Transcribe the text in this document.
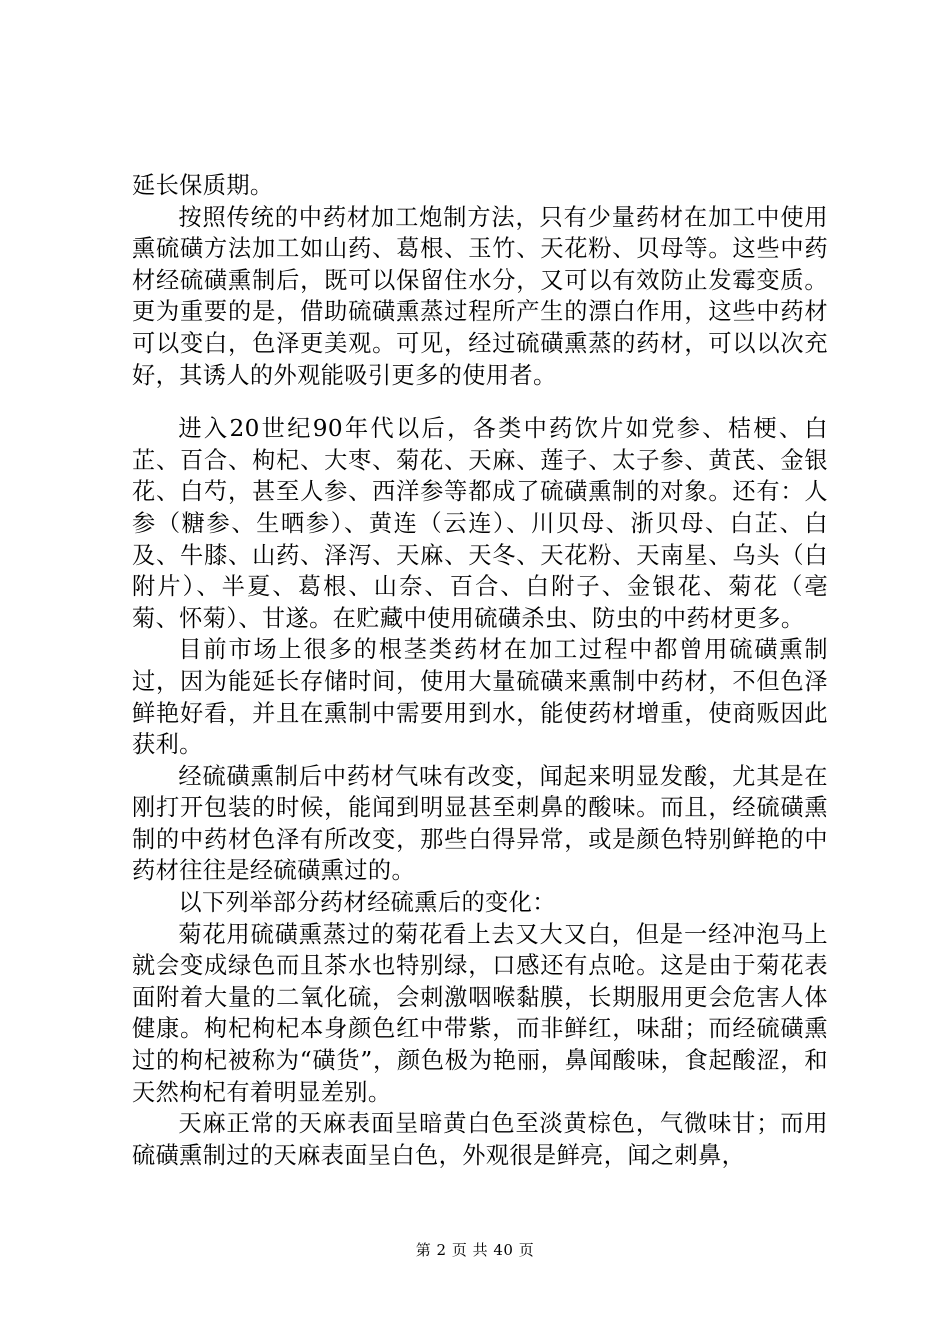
延长保质期。

按照传统的中药材加工炮制方法，只有少量药材在加工中使用熏硫磺方法加工如山药、葛根、玉竹、天花粉、贝母等。这些中药材经硫磺熏制后，既可以保留住水分，又可以有效防止发霉变质。更为重要的是，借助硫磺熏蒸过程所产生的漂白作用，这些中药材可以变白，色泽更美观。可见，经过硫磺熏蒸的药材，可以以次充好，其诱人的外观能吸引更多的使用者。

进入20世纪90年代以后，各类中药饮片如党参、桔梗、白芷、百合、枸杞、大枣、菊花、天麻、莲子、太子参、黄芪、金银花、白芍，甚至人参、西洋参等都成了硫磺熏制的对象。还有：人参（糖参、生晒参）、黄连（云连）、川贝母、浙贝母、白芷、白及、牛膝、山药、泽泻、天麻、天冬、天花粉、天南星、乌头（白附片）、半夏、葛根、山奈、百合、白附子、金银花、菊花（亳菊、怀菊）、甘遂。在贮藏中使用硫磺杀虫、防虫的中药材更多。

目前市场上很多的根茎类药材在加工过程中都曾用硫磺熏制过，因为能延长存储时间，使用大量硫磺来熏制中药材，不但色泽鲜艳好看，并且在熏制中需要用到水，能使药材增重，使商贩因此获利。

经硫磺熏制后中药材气味有改变，闻起来明显发酸，尤其是在刚打开包装的时候，能闻到明显甚至刺鼻的酸味。而且，经硫磺熏制的中药材色泽有所改变，那些白得异常，或是颜色特别鲜艳的中药材往往是经硫磺熏过的。

以下列举部分药材经硫熏后的变化：

菊花用硫磺熏蒸过的菊花看上去又大又白，但是一经冲泡马上就会变成绿色而且茶水也特别绿，口感还有点呛。这是由于菊花表面附着大量的二氧化硫，会刺激咽喉黏膜，长期服用更会危害人体健康。枸杞枸杞本身颜色红中带紫，而非鲜红，味甜；而经硫磺熏过的枸杞被称为“磺货”，颜色极为艳丽，鼻闻酸味，食起酸涩，和天然枸杞有着明显差别。

天麻正常的天麻表面呈暗黄白色至淡黄棕色，气微味甘；而用硫磺熏制过的天麻表面呈白色，外观很是鲜亮，闻之刺鼻，

第 2 页 共 40 页
